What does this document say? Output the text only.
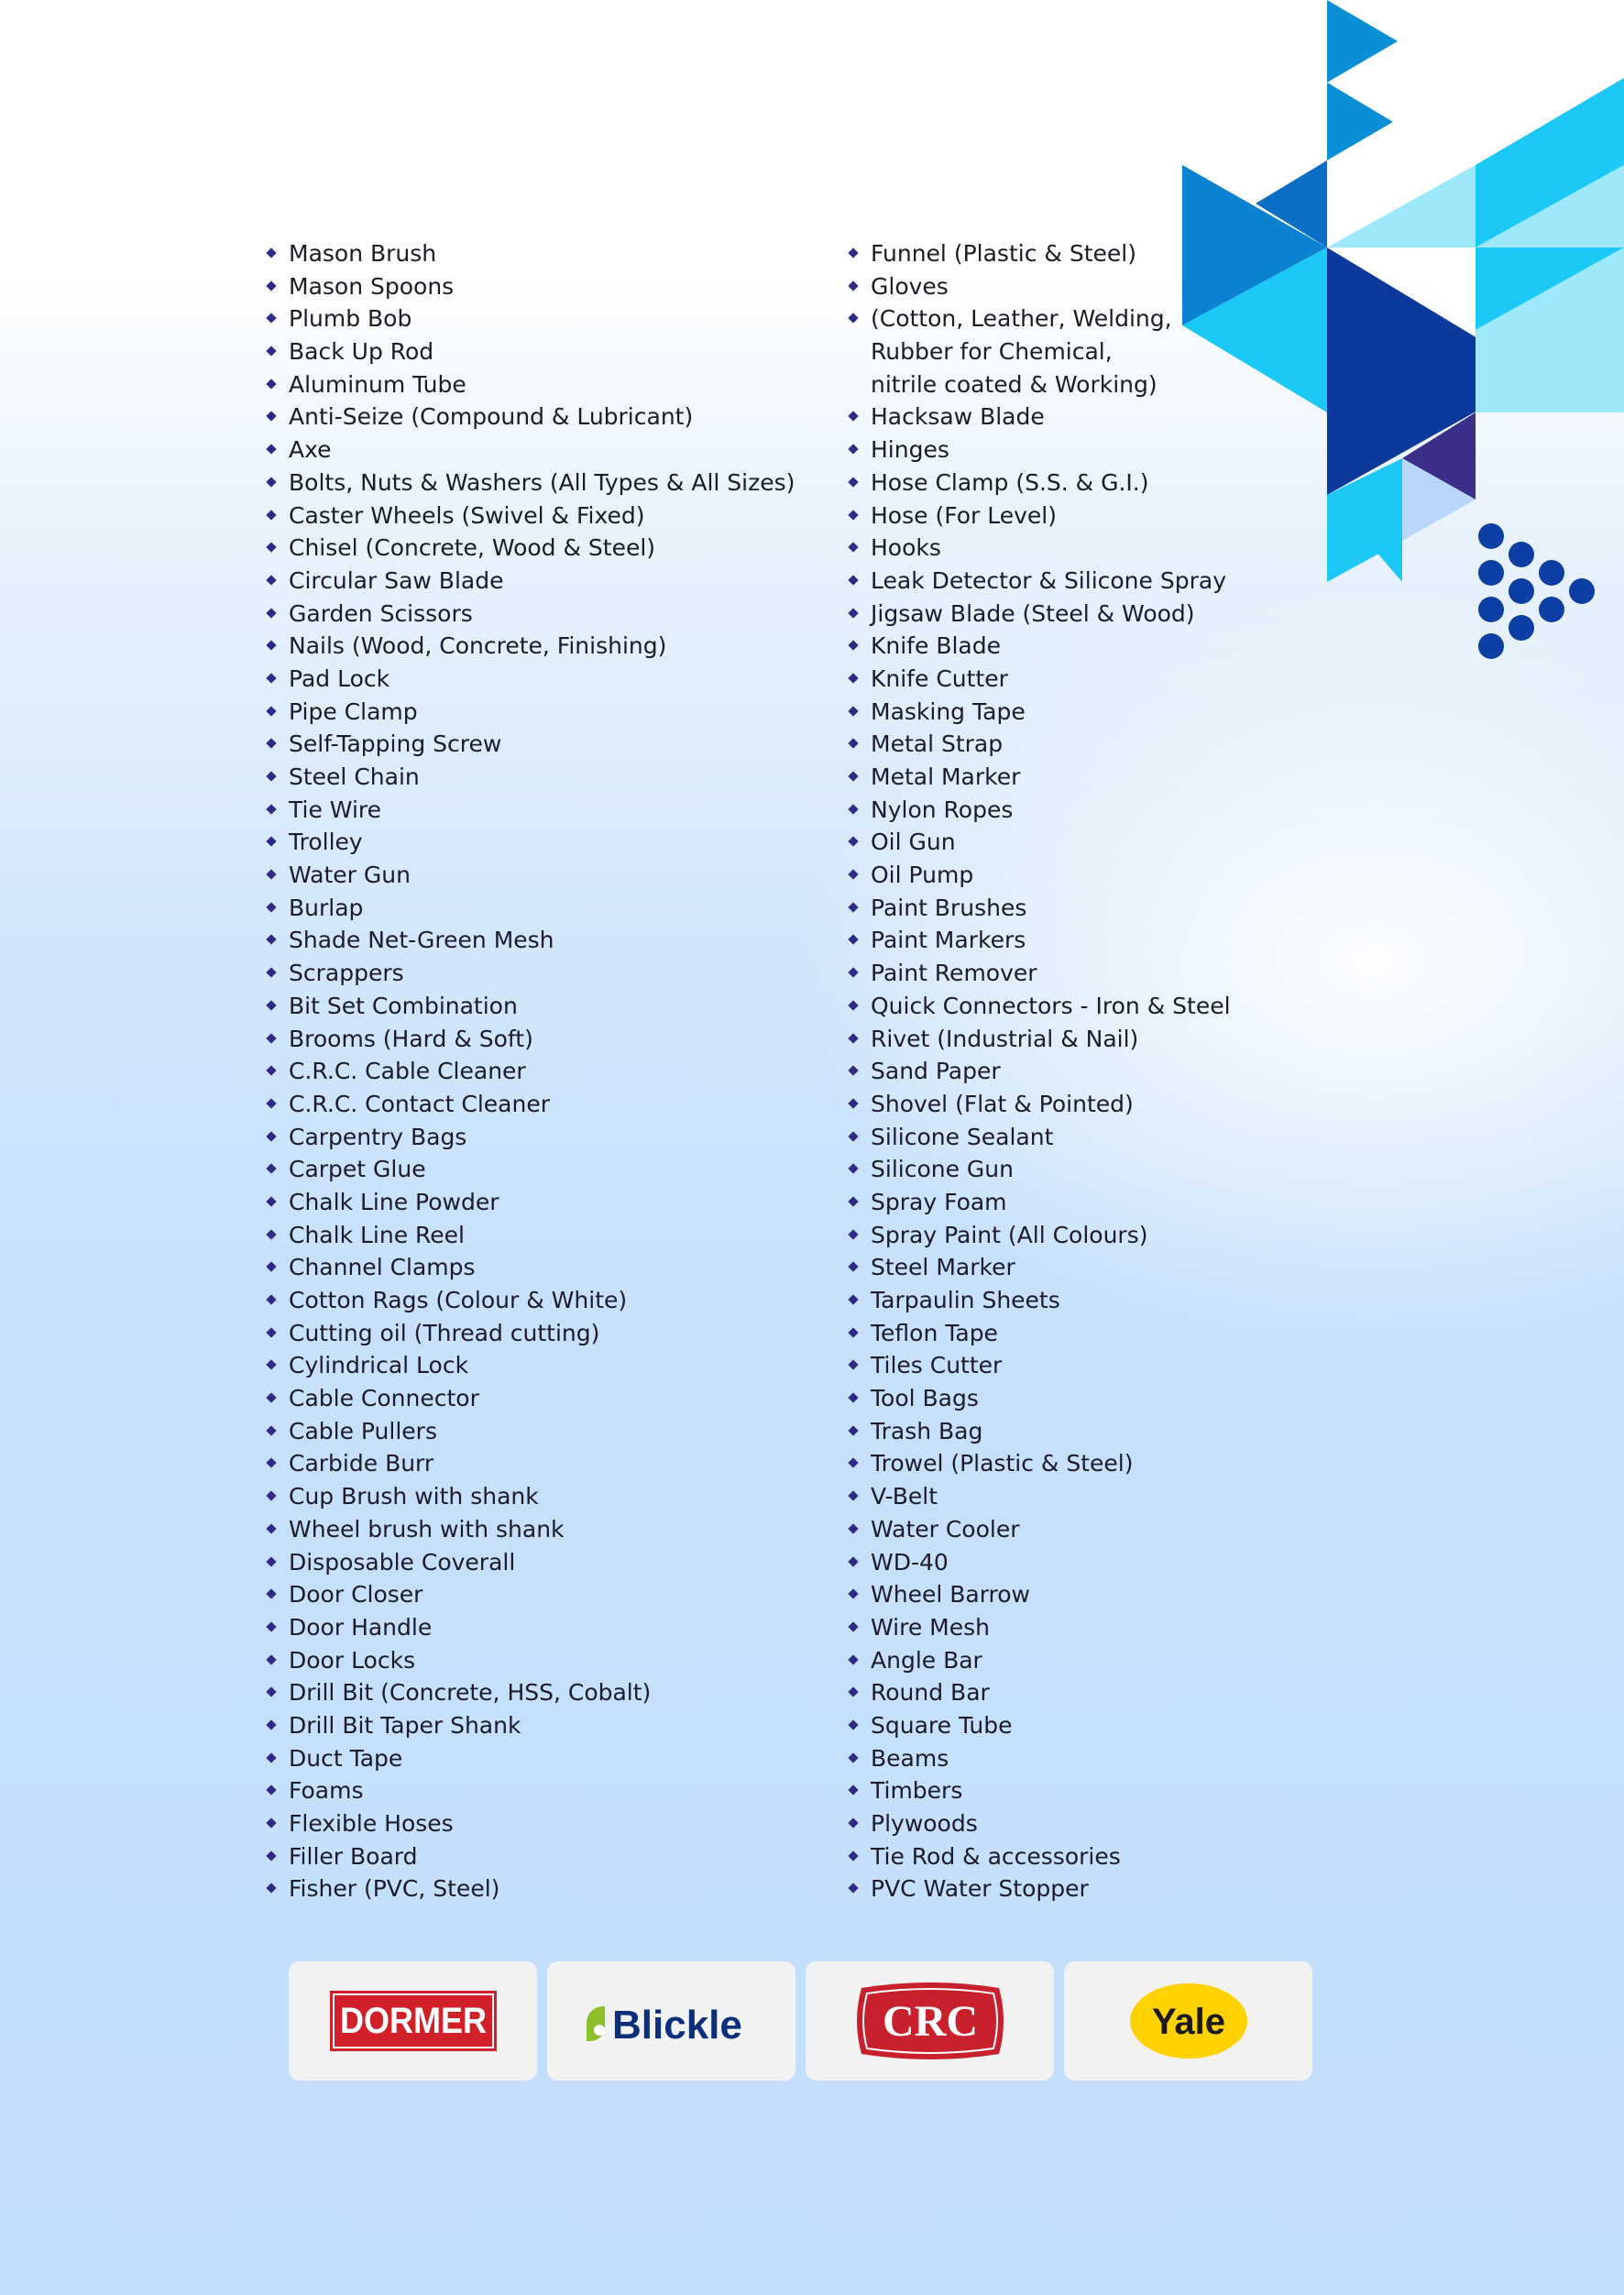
Mason Brush
Mason Spoons
Plumb Bob
Back Up Rod
Aluminum Tube
Anti-Seize (Compound & Lubricant)
Axe
Bolts, Nuts & Washers (All Types & All Sizes)
Caster Wheels (Swivel & Fixed)
Chisel (Concrete, Wood & Steel)
Circular Saw Blade
Garden Scissors
Nails (Wood, Concrete, Finishing)
Pad Lock
Pipe Clamp
Self-Tapping Screw
Steel Chain
Tie Wire
Trolley
Water Gun
Burlap
Shade Net-Green Mesh
Scrappers
Bit Set Combination
Brooms (Hard & Soft)
C.R.C. Cable Cleaner
C.R.C. Contact Cleaner
Carpentry Bags
Carpet Glue
Chalk Line Powder
Chalk Line Reel
Channel Clamps
Cotton Rags (Colour & White)
Cutting oil (Thread cutting)
Cylindrical Lock
Cable Connector
Cable Pullers
Carbide Burr
Cup Brush with shank
Wheel brush with shank
Disposable Coverall
Door Closer
Door Handle
Door Locks
Drill Bit (Concrete, HSS, Cobalt)
Drill Bit Taper Shank
Duct Tape
Foams
Flexible Hoses
Filler Board
Fisher (PVC, Steel)
Funnel (Plastic & Steel)
Gloves
(Cotton, Leather, Welding,
Rubber for Chemical,
nitrile coated & Working)
Hacksaw Blade
Hinges
Hose Clamp (S.S. & G.I.)
Hose (For Level)
Hooks
Leak Detector & Silicone Spray
Jigsaw Blade (Steel & Wood)
Knife Blade
Knife Cutter
Masking Tape
Metal Strap
Metal Marker
Nylon Ropes
Oil Gun
Oil Pump
Paint Brushes
Paint Markers
Paint Remover
Quick Connectors - Iron & Steel
Rivet (Industrial & Nail)
Sand Paper
Shovel (Flat & Pointed)
Silicone Sealant
Silicone Gun
Spray Foam
Spray Paint (All Colours)
Steel Marker
Tarpaulin Sheets
Teflon Tape
Tiles Cutter
Tool Bags
Trash Bag
Trowel (Plastic & Steel)
V-Belt
Water Cooler
WD-40
Wheel Barrow
Wire Mesh
Angle Bar
Round Bar
Square Tube
Beams
Timbers
Plywoods
Tie Rod & accessories
PVC Water Stopper
DORMER	Blickle	CRC	Yale
